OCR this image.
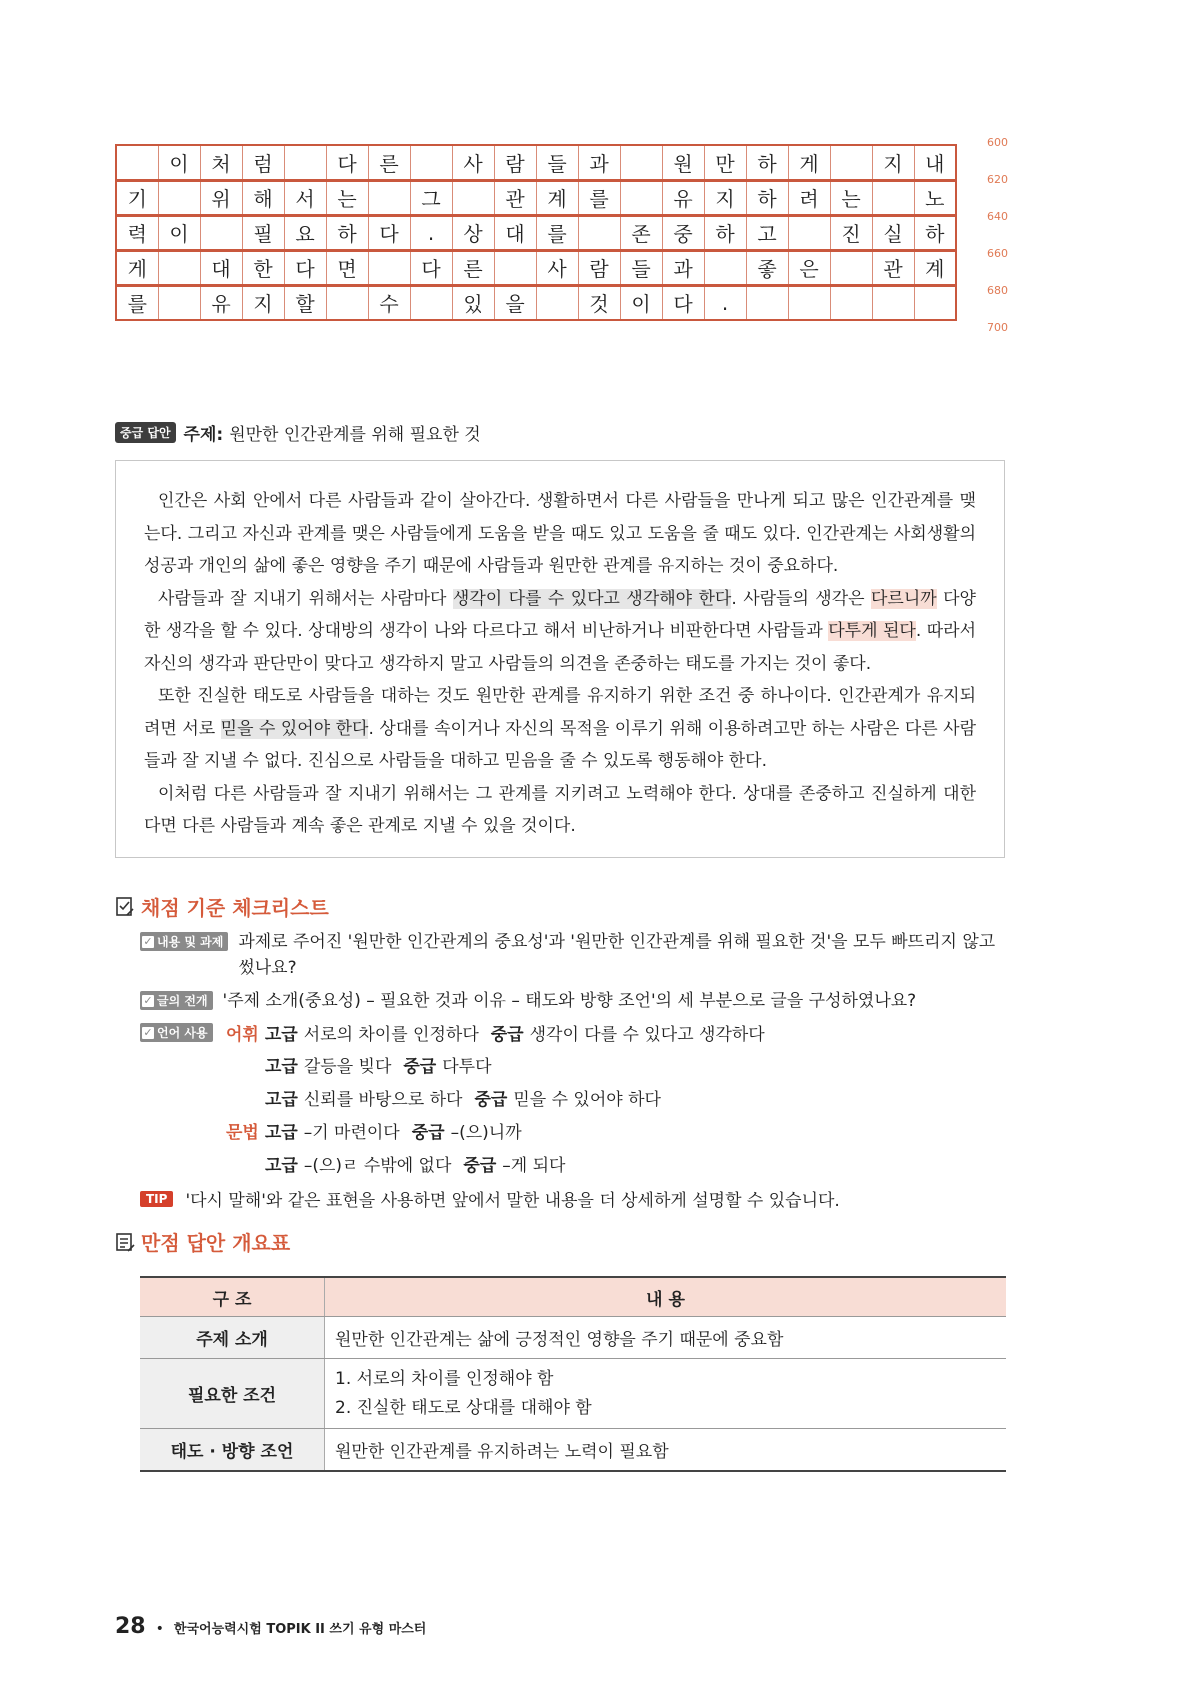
	이	처	럼		다	른		사	람	들	과		원	만	하	게		지	내
기		위	해	서	는		그		관	계	를		유	지	하	려	는		노
력	이		필	요	하	다	.	상	대	를		존	중	하	고		진	실	하
게		대	한	다	면		다	른		사	람	들	과		좋	은		관	계
를		유	지	할		수		있	을		것	이	다	.					
600
620
640
660
680
700
중급 답안 주제: 원만한 인간관계를 위해 필요한 것

인간은 사회 안에서 다른 사람들과 같이 살아간다. 생활하면서 다른 사람들을 만나게 되고 많은 인간관계를 맺는다. 그리고 자신과 관계를 맺은 사람들에게 도움을 받을 때도 있고 도움을 줄 때도 있다. 인간관계는 사회생활의 성공과 개인의 삶에 좋은 영향을 주기 때문에 사람들과 원만한 관계를 유지하는 것이 중요하다.

사람들과 잘 지내기 위해서는 사람마다 생각이 다를 수 있다고 생각해야 한다. 사람들의 생각은 다르니까 다양한 생각을 할 수 있다. 상대방의 생각이 나와 다르다고 해서 비난하거나 비판한다면 사람들과 다투게 된다. 따라서 자신의 생각과 판단만이 맞다고 생각하지 말고 사람들의 의견을 존중하는 태도를 가지는 것이 좋다.

또한 진실한 태도로 사람들을 대하는 것도 원만한 관계를 유지하기 위한 조건 중 하나이다. 인간관계가 유지되려면 서로 믿을 수 있어야 한다. 상대를 속이거나 자신의 목적을 이루기 위해 이용하려고만 하는 사람은 다른 사람들과 잘 지낼 수 없다. 진심으로 사람들을 대하고 믿음을 줄 수 있도록 행동해야 한다.

이처럼 다른 사람들과 잘 지내기 위해서는 그 관계를 지키려고 노력해야 한다. 상대를 존중하고 진실하게 대한다면 다른 사람들과 계속 좋은 관계로 지낼 수 있을 것이다.

채점 기준 체크리스트
✓ 내용 및 과제 과제로 주어진 '원만한 인간관계의 중요성'과 '원만한 인간관계를 위해 필요한 것'을 모두 빠뜨리지 않고 썼나요?
✓ 글의 전개 '주제 소개(중요성) – 필요한 것과 이유 – 태도와 방향 조언'의 세 부분으로 글을 구성하였나요?
✓ 언어 사용 어휘 고급 서로의 차이를 인정하다 중급 생각이 다를 수 있다고 생각하다
고급 갈등을 빚다 중급 다투다
고급 신뢰를 바탕으로 하다 중급 믿을 수 있어야 하다
문법 고급 –기 마련이다 중급 –(으)니까
고급 –(으)ㄹ 수밖에 없다 중급 –게 되다
TIP	'다시 말해'와 같은 표현을 사용하면 앞에서 말한 내용을 더 상세하게 설명할 수 있습니다.
만점 답안 개요표
구 조	내 용
주제 소개	원만한 인간관계는 삶에 긍정적인 영향을 주기 때문에 중요함
필요한 조건	1. 서로의 차이를 인정해야 함
2. 진실한 태도로 상대를 대해야 함

태도 · 방향 조언	원만한 인간관계를 유지하려는 노력이 필요함
28 • 한국어능력시험 TOPIK II 쓰기 유형 마스터
